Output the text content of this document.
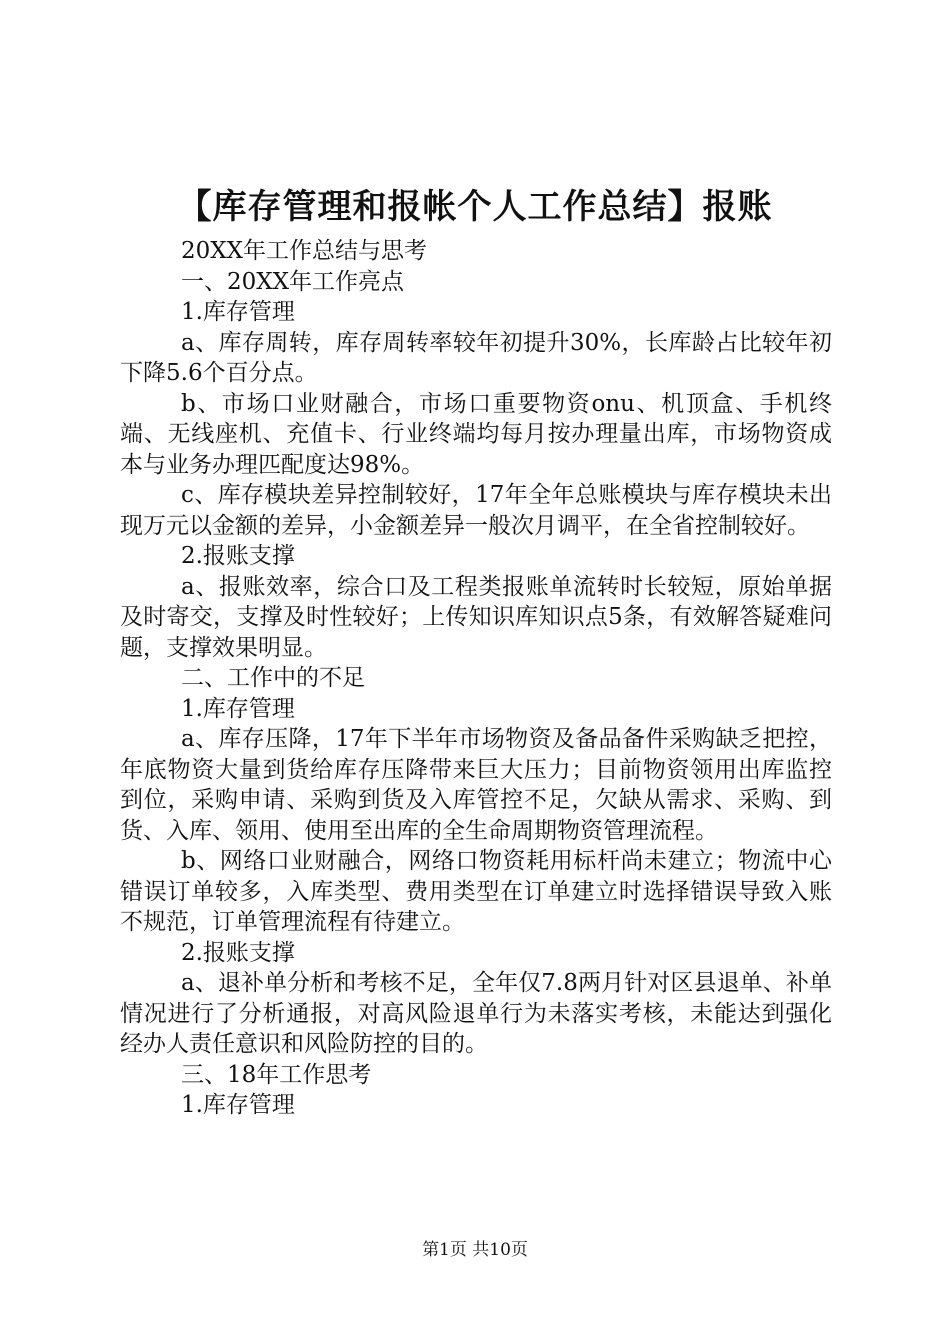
【库存管理和报帐个人工作总结】报账

20XX年工作总结与思考

一、20XX年工作亮点

1.库存管理

a、库存周转，库存周转率较年初提升30%，长库龄占比较年初下降5.6个百分点。

b、市场口业财融合，市场口重要物资onu、机顶盒、手机终端、无线座机、充值卡、行业终端均每月按办理量出库，市场物资成本与业务办理匹配度达98%。

c、库存模块差异控制较好，17年全年总账模块与库存模块未出现万元以金额的差异，小金额差异一般次月调平，在全省控制较好。

2.报账支撑

a、报账效率，综合口及工程类报账单流转时长较短，原始单据及时寄交，支撑及时性较好；上传知识库知识点5条，有效解答疑难问题，支撑效果明显。

二、工作中的不足

1.库存管理

a、库存压降，17年下半年市场物资及备品备件采购缺乏把控，年底物资大量到货给库存压降带来巨大压力；目前物资领用出库监控到位，采购申请、采购到货及入库管控不足，欠缺从需求、采购、到货、入库、领用、使用至出库的全生命周期物资管理流程。

b、网络口业财融合，网络口物资耗用标杆尚未建立；物流中心错误订单较多，入库类型、费用类型在订单建立时选择错误导致入账不规范，订单管理流程有待建立。

2.报账支撑

a、退补单分析和考核不足，全年仅7.8两月针对区县退单、补单情况进行了分析通报，对高风险退单行为未落实考核，未能达到强化经办人责任意识和风险防控的目的。

三、18年工作思考

1.库存管理

第1页 共10页
